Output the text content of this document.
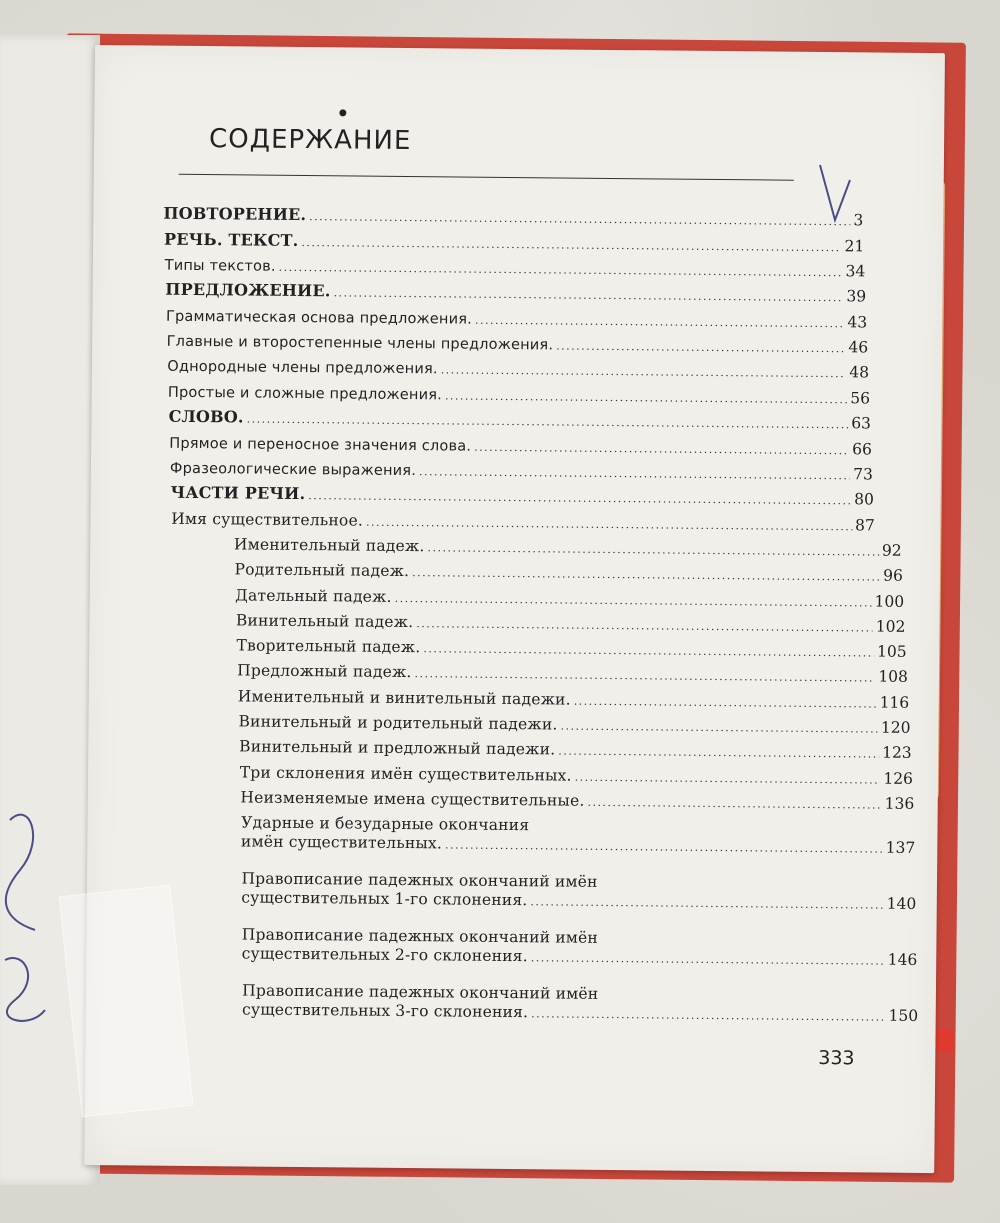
СОДЕРЖАНИЕ
ПОВТОРЕНИЕ. . . .	3
РЕЧЬ. ТЕКСТ. . . .	21
Типы текстов. . . .	34
ПРЕДЛОЖЕНИЕ. . . .	39
Грамматическая основа предложения. . . .	43
Главные и второстепенные члены предложения. . . .	46
Однородные члены предложения. . . .	48
Простые и сложные предложения. . . .	56
СЛОВО. . . .	63
Прямое и переносное значения слова. . . .	66
Фразеологические выражения. . . .	73
ЧАСТИ РЕЧИ. . . .	80
Имя существительное. . . .	87
Именительный падеж. . . .	92
Родительный падеж. . . .	96
Дательный падеж. . . .	100
Винительный падеж. . . .	102
Творительный падеж. . . .	105
Предложный падеж. . . .	108
Именительный и винительный падежи. . . .	116
Винительный и родительный падежи. . . .	120
Винительный и предложный падежи. . . .	123
Три склонения имён существительных. . . .	126
Неизменяемые имена существительные. . . .	136
Ударные и безударные окончания
имён существительных. . . .	137
Правописание падежных окончаний имён
существительных 1-го склонения. . . .	140
Правописание падежных окончаний имён
существительных 2-го склонения. . . .	146
Правописание падежных окончаний имён
существительных 3-го склонения. . . .	150
333
